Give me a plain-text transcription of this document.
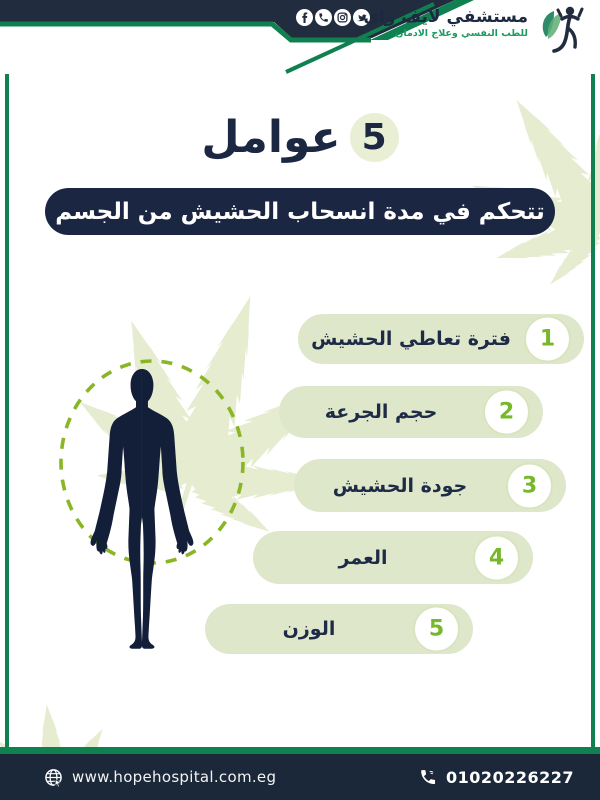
مستشفي لايف واي
للطب النفسي وعلاج الادمان
عوامل 5
تتحكم في مدة انسحاب الحشيش من الجسم
فترة تعاطي الحشيش	1
حجم الجرعة	2
جودة الحشيش	3
العمر	4
الوزن	5
www.hopehospital.com.eg	01020226227
